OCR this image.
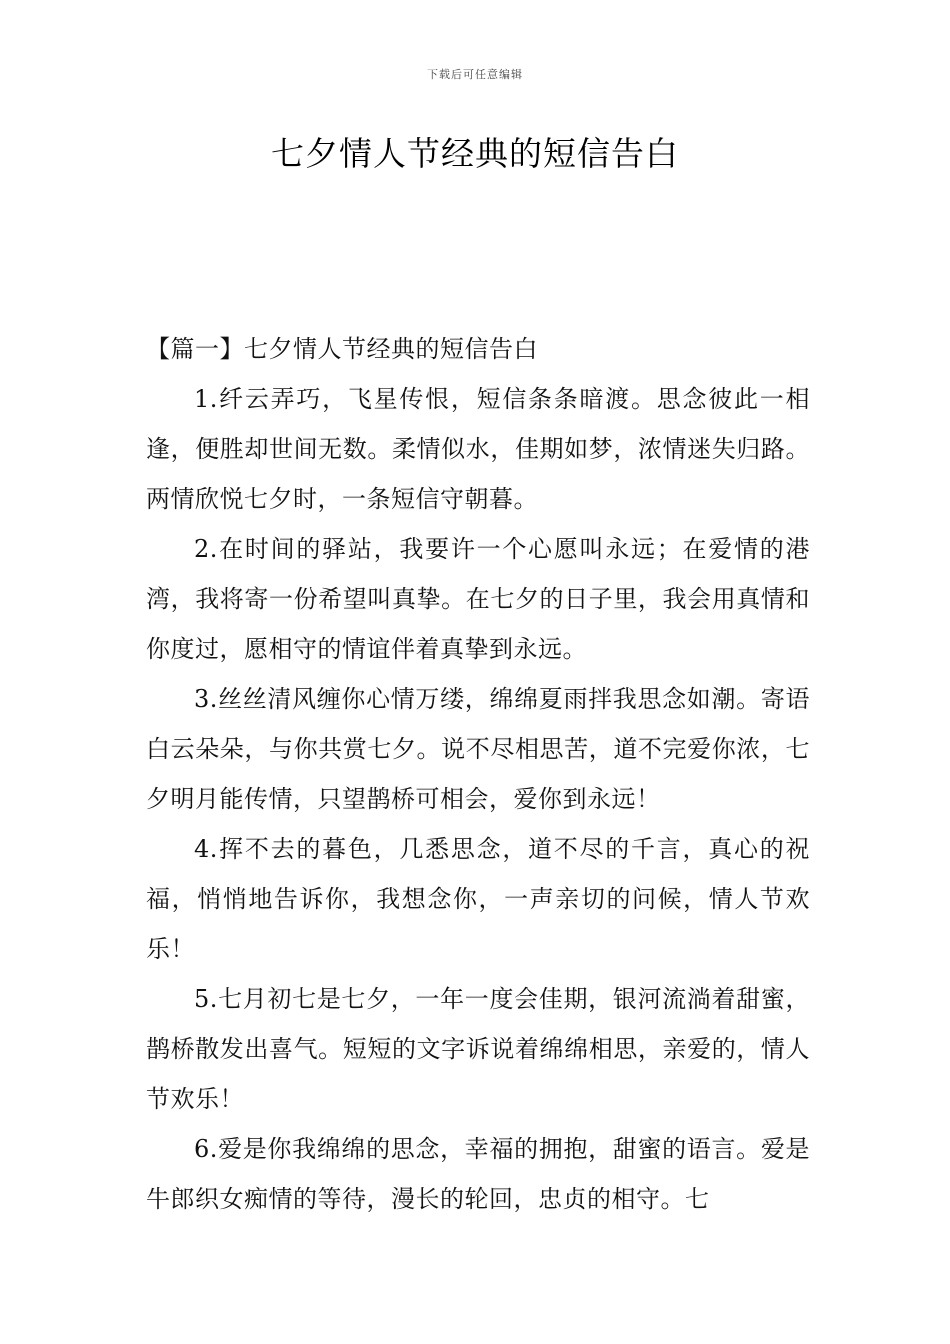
下载后可任意编辑
七夕情人节经典的短信告白

【篇一】七夕情人节经典的短信告白

1.纤云弄巧，飞星传恨，短信条条暗渡。思念彼此一相逢，便胜却世间无数。柔情似水，佳期如梦，浓情迷失归路。两情欣悦七夕时，一条短信守朝暮。

2.在时间的驿站，我要许一个心愿叫永远；在爱情的港湾，我将寄一份希望叫真挚。在七夕的日子里，我会用真情和你度过，愿相守的情谊伴着真挚到永远。

3.丝丝清风缠你心情万缕，绵绵夏雨拌我思念如潮。寄语白云朵朵，与你共赏七夕。说不尽相思苦，道不完爱你浓，七夕明月能传情，只望鹊桥可相会，爱你到永远！

4.挥不去的暮色，几悉思念，道不尽的千言，真心的祝福，悄悄地告诉你，我想念你，一声亲切的问候，情人节欢乐！

5.七月初七是七夕，一年一度会佳期，银河流淌着甜蜜，鹊桥散发出喜气。短短的文字诉说着绵绵相思，亲爱的，情人节欢乐！

6.爱是你我绵绵的思念，幸福的拥抱，甜蜜的语言。爱是牛郎织女痴情的等待，漫长的轮回，忠贞的相守。七
